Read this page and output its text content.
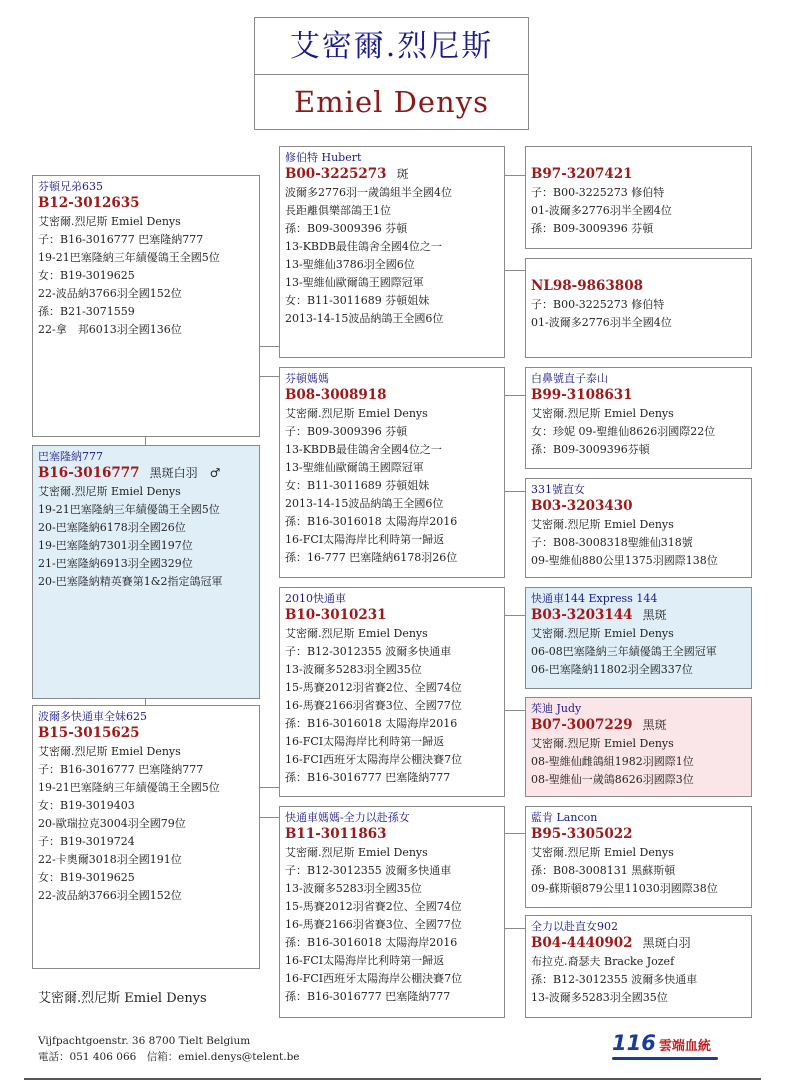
艾密爾.烈尼斯
Emiel Denys
芬頓兄弟635
B12-3012635
艾密爾.烈尼斯 Emiel Denys
子：B16-3016777 巴塞隆納777
19-21巴塞隆納三年績優鴿王全國5位
女：B19-3019625
22-波品納3766羽全國152位
孫：B21-3071559
22-拿　邦6013羽全國136位
巴塞隆納777
B16-3016777 黑斑白羽　♂
艾密爾.烈尼斯 Emiel Denys
19-21巴塞隆納三年績優鴿王全國5位
20-巴塞隆納6178羽全國26位
19-巴塞隆納7301羽全國197位
21-巴塞隆納6913羽全國329位
20-巴塞隆納精英賽第1&2指定鴿冠軍
波爾多快通車全妹625
B15-3015625
艾密爾.烈尼斯 Emiel Denys
子：B16-3016777 巴塞隆納777
19-21巴塞隆納三年績優鴿王全國5位
女：B19-3019403
20-歐瑞拉克3004羽全國79位
子：B19-3019724
22-卡奧爾3018羽全國191位
女：B19-3019625
22-波品納3766羽全國152位
修伯特 Hubert
B00-3225273 斑
波爾多2776羽一歲鴿組半全國4位
長距離俱樂部鴿王1位
孫：B09-3009396 芬頓
13-KBDB最佳鴿舍全國4位之一
13-聖維仙3786羽全國6位
13-聖維仙歐爾鴿王國際冠軍
女：B11-3011689 芬頓姐妹
2013-14-15波品納鴿王全國6位
芬頓媽媽
B08-3008918
艾密爾.烈尼斯 Emiel Denys
子：B09-3009396 芬頓
13-KBDB最佳鴿舍全國4位之一
13-聖維仙歐爾鴿王國際冠軍
女：B11-3011689 芬頓姐妹
2013-14-15波品納鴿王全國6位
孫：B16-3016018 太陽海岸2016
16-FCI太陽海岸比利時第一歸返
孫：16-777 巴塞隆納6178羽26位
2010快通車
B10-3010231
艾密爾.烈尼斯 Emiel Denys
子：B12-3012355 波爾多快通車
13-波爾多5283羽全國35位
15-馬賽2012羽省賽2位、全國74位
16-馬賽2166羽省賽3位、全國77位
孫：B16-3016018 太陽海岸2016
16-FCI太陽海岸比利時第一歸返
16-FCI西班牙太陽海岸公棚決賽7位
孫：B16-3016777 巴塞隆納777
快通車媽媽-全力以赴孫女
B11-3011863
艾密爾.烈尼斯 Emiel Denys
子：B12-3012355 波爾多快通車
13-波爾多5283羽全國35位
15-馬賽2012羽省賽2位、全國74位
16-馬賽2166羽省賽3位、全國77位
孫：B16-3016018 太陽海岸2016
16-FCI太陽海岸比利時第一歸返
16-FCI西班牙太陽海岸公棚決賽7位
孫：B16-3016777 巴塞隆納777
B97-3207421
子：B00-3225273 修伯特
01-波爾多2776羽半全國4位
孫：B09-3009396 芬頓
NL98-9863808
子：B00-3225273 修伯特
01-波爾多2776羽半全國4位
白鼻號直子泰山
B99-3108631
艾密爾.烈尼斯 Emiel Denys
女：珍妮 09-聖維仙8626羽國際22位
孫：B09-3009396芬頓
331號直女
B03-3203430
艾密爾.烈尼斯 Emiel Denys
子：B08-3008318聖維仙318號
09-聖維仙880公里1375羽國際138位
快通車144 Express 144
B03-3203144 黑斑
艾密爾.烈尼斯 Emiel Denys
06-08巴塞隆納三年績優鴿王全國冠軍
06-巴塞隆納11802羽全國337位
茱迪 Judy
B07-3007229 黑斑
艾密爾.烈尼斯 Emiel Denys
08-聖維仙雌鴿組1982羽國際1位
08-聖維仙一歲鴿8626羽國際3位
藍肯 Lancon
B95-3305022
艾密爾.烈尼斯 Emiel Denys
孫：B08-3008131 黑蘇斯頓
09-蘇斯頓879公里11030羽國際38位
全力以赴直女902
B04-4440902 黑斑白羽
布拉克.裔瑟夫 Bracke Jozef
孫：B12-3012355 波爾多快通車
13-波爾多5283羽全國35位
艾密爾.烈尼斯 Emiel Denys
Vijfpachtgoenstr. 36 8700 Tielt Belgium
電話：051 406 066　信箱：emiel.denys@telent.be
116 雲端血統
